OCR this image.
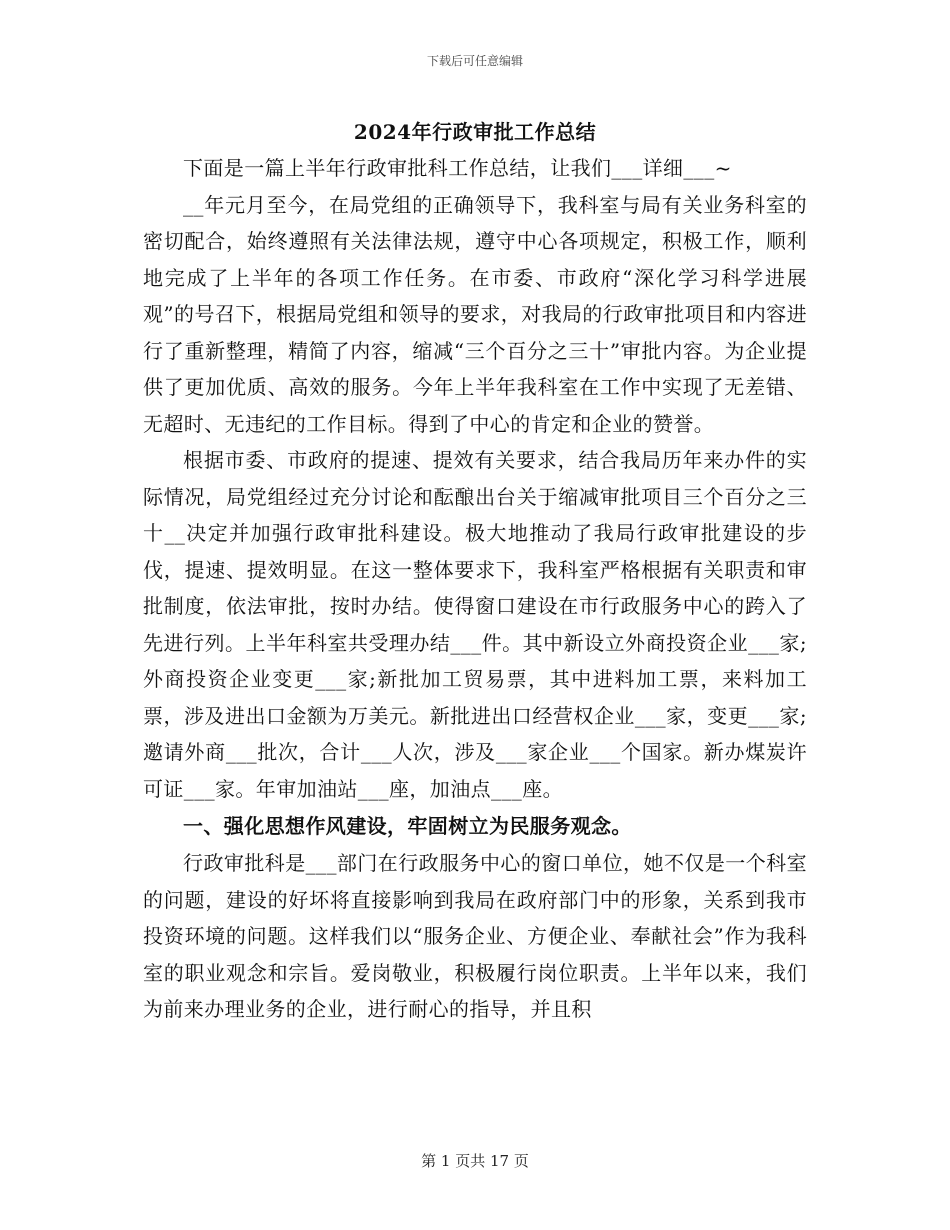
下载后可任意编辑
2024年行政审批工作总结

下面是一篇上半年行政审批科工作总结，让我们___详细___~

__年元月至今，在局党组的正确领导下，我科室与局有关业务科室的密切配合，始终遵照有关法律法规，遵守中心各项规定，积极工作，顺利地完成了上半年的各项工作任务。在市委、市政府“深化学习科学进展观”的号召下，根据局党组和领导的要求，对我局的行政审批项目和内容进行了重新整理，精简了内容，缩减“三个百分之三十”审批内容。为企业提供了更加优质、高效的服务。今年上半年我科室在工作中实现了无差错、无超时、无违纪的工作目标。得到了中心的肯定和企业的赞誉。

根据市委、市政府的提速、提效有关要求，结合我局历年来办件的实际情况，局党组经过充分讨论和酝酿出台关于缩减审批项目三个百分之三十__决定并加强行政审批科建设。极大地推动了我局行政审批建设的步伐，提速、提效明显。在这一整体要求下，我科室严格根据有关职责和审批制度，依法审批，按时办结。使得窗口建设在市行政服务中心的跨入了先进行列。上半年科室共受理办结___件。其中新设立外商投资企业___家;外商投资企业变更___家;新批加工贸易票，其中进料加工票，来料加工票，涉及进出口金额为万美元。新批进出口经营权企业___家，变更___家;邀请外商___批次，合计___人次，涉及___家企业___个国家。新办煤炭许可证___家。年审加油站___座，加油点___座。

一、强化思想作风建设，牢固树立为民服务观念。

行政审批科是___部门在行政服务中心的窗口单位，她不仅是一个科室的问题，建设的好坏将直接影响到我局在政府部门中的形象，关系到我市投资环境的问题。这样我们以“服务企业、方便企业、奉献社会”作为我科室的职业观念和宗旨。爱岗敬业，积极履行岗位职责。上半年以来，我们为前来办理业务的企业，进行耐心的指导，并且积

第 1 页共 17 页
